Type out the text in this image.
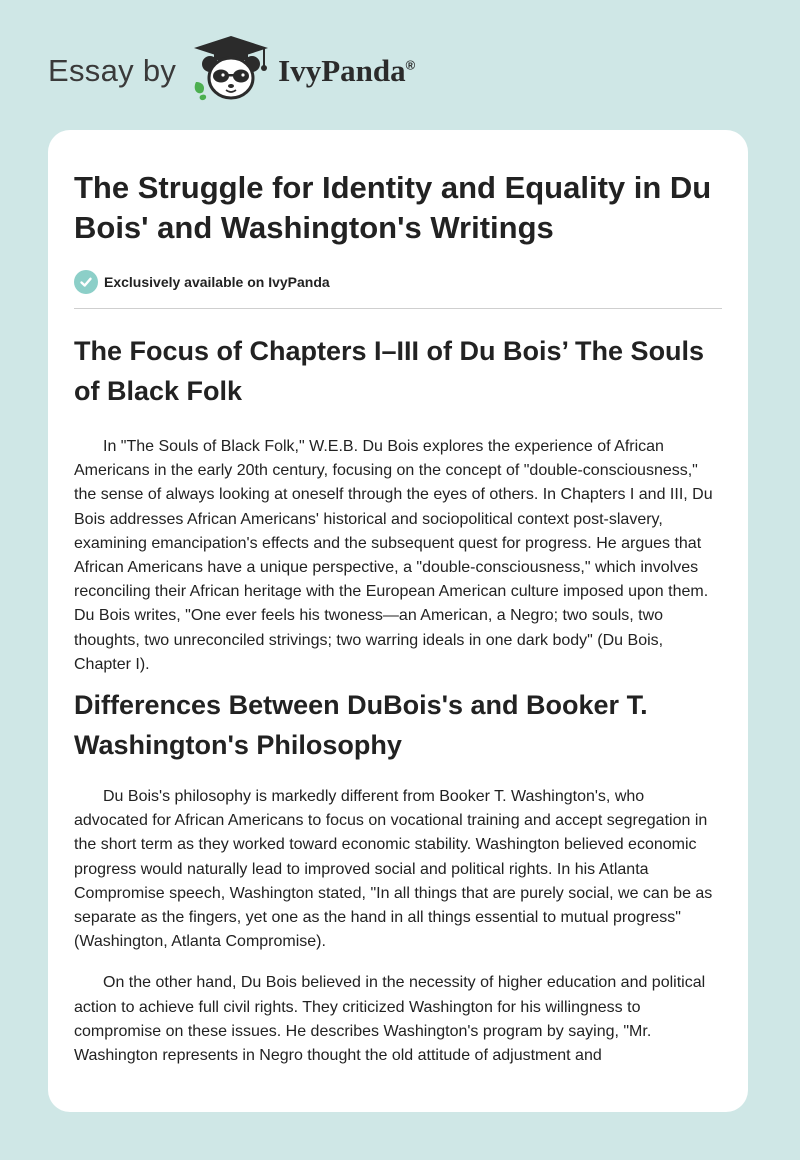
Essay by	IvyPanda®
The Struggle for Identity and Equality in Du Bois' and Washington's Writings
Exclusively available on IvyPanda
The Focus of Chapters I–III of Du Bois’ The Souls of Black Folk

In "The Souls of Black Folk," W.E.B. Du Bois explores the experience of African Americans in the early 20th century, focusing on the concept of "double-consciousness," the sense of always looking at oneself through the eyes of others. In Chapters I and III, Du Bois addresses African Americans' historical and sociopolitical context post-slavery, examining emancipation's effects and the subsequent quest for progress. He argues that African Americans have a unique perspective, a "double-consciousness," which involves reconciling their African heritage with the European American culture imposed upon them. Du Bois writes, "One ever feels his twoness—an American, a Negro; two souls, two thoughts, two unreconciled strivings; two warring ideals in one dark body" (Du Bois, Chapter I).

Differences Between DuBois's and Booker T. Washington's Philosophy

Du Bois's philosophy is markedly different from Booker T. Washington's, who advocated for African Americans to focus on vocational training and accept segregation in the short term as they worked toward economic stability. Washington believed economic progress would naturally lead to improved social and political rights. In his Atlanta Compromise speech, Washington stated, "In all things that are purely social, we can be as separate as the fingers, yet one as the hand in all things essential to mutual progress" (Washington, Atlanta Compromise).

On the other hand, Du Bois believed in the necessity of higher education and political action to achieve full civil rights. They criticized Washington for his willingness to compromise on these issues. He describes Washington's program by saying, "Mr. Washington represents in Negro thought the old attitude of adjustment and
